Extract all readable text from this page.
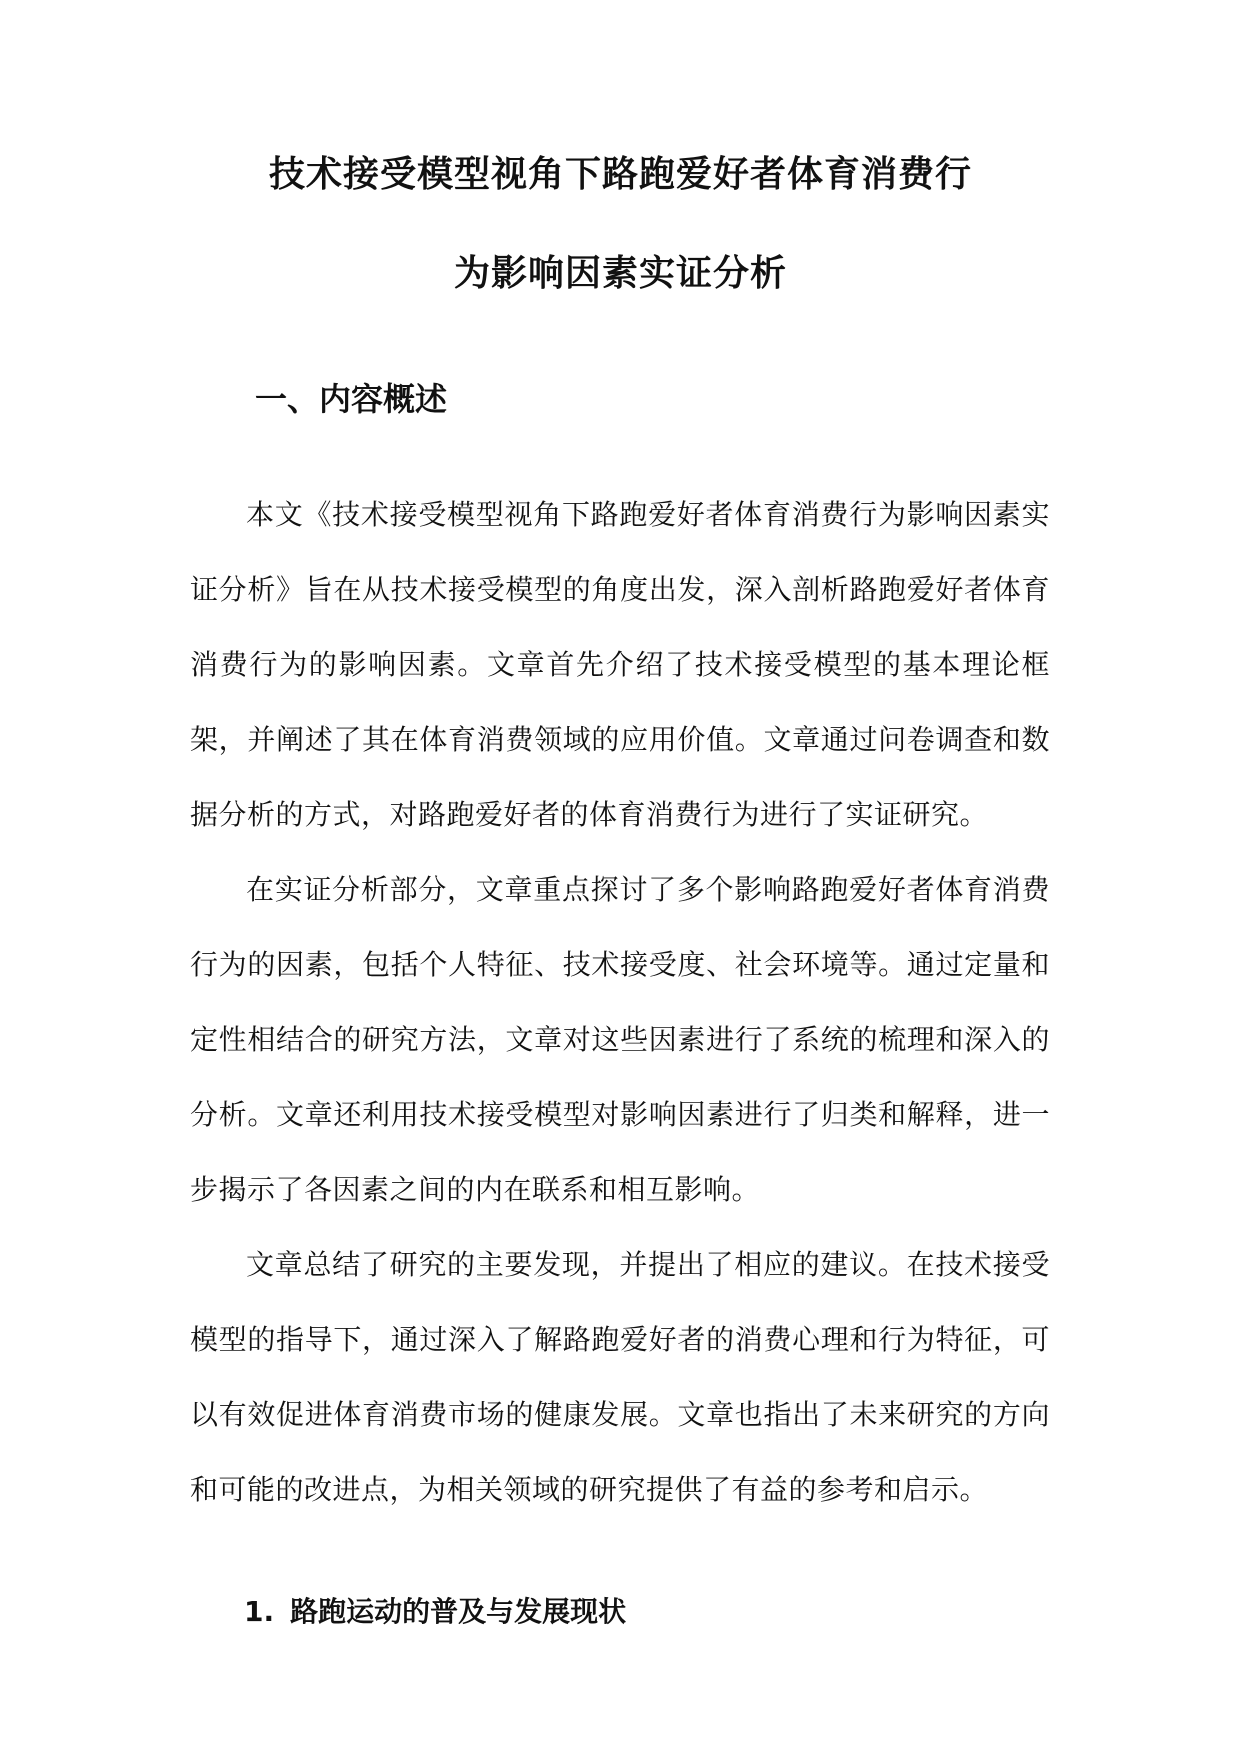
技术接受模型视角下路跑爱好者体育消费行
为影响因素实证分析
一、内容概述

本文《技术接受模型视角下路跑爱好者体育消费行为影响因素实证分析》旨在从技术接受模型的角度出发，深入剖析路跑爱好者体育消费行为的影响因素。文章首先介绍了技术接受模型的基本理论框架，并阐述了其在体育消费领域的应用价值。文章通过问卷调查和数据分析的方式，对路跑爱好者的体育消费行为进行了实证研究。

在实证分析部分，文章重点探讨了多个影响路跑爱好者体育消费行为的因素，包括个人特征、技术接受度、社会环境等。通过定量和定性相结合的研究方法，文章对这些因素进行了系统的梳理和深入的分析。文章还利用技术接受模型对影响因素进行了归类和解释，进一步揭示了各因素之间的内在联系和相互影响。

文章总结了研究的主要发现，并提出了相应的建议。在技术接受模型的指导下，通过深入了解路跑爱好者的消费心理和行为特征，可以有效促进体育消费市场的健康发展。文章也指出了未来研究的方向和可能的改进点，为相关领域的研究提供了有益的参考和启示。

1. 路跑运动的普及与发展现状
